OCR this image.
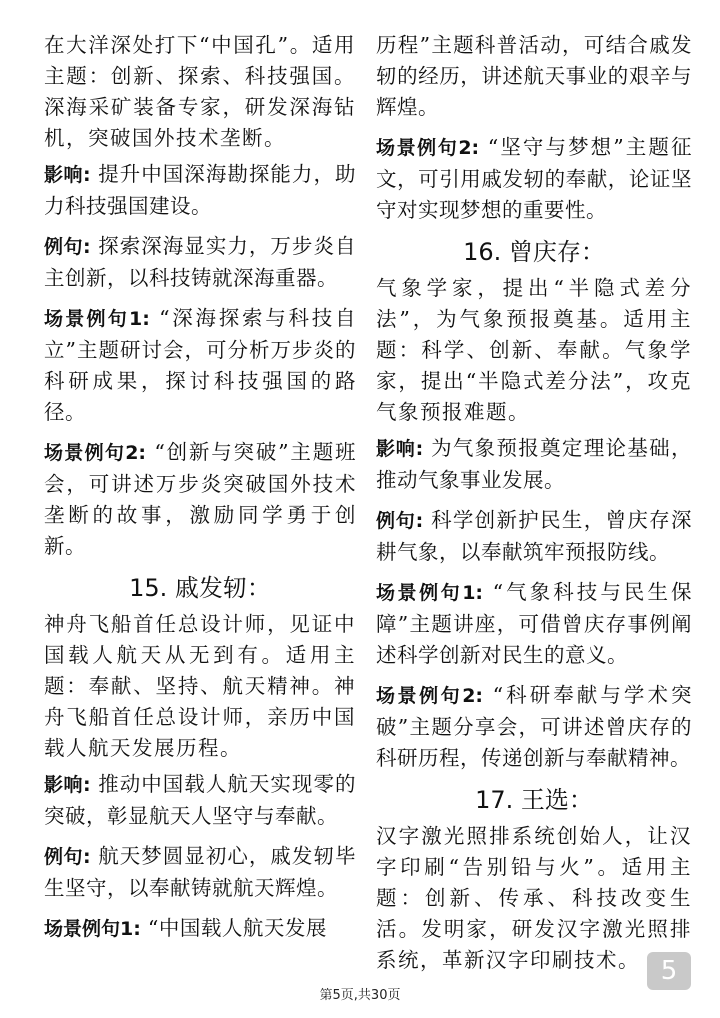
在大洋深处打下“中国孔”。适用主题：创新、探索、科技强国。深海采矿装备专家，研发深海钻机，突破国外技术垄断。

影响: 提升中国深海勘探能力，助力科技强国建设。

例句: 探索深海显实力，万步炎自主创新，以科技铸就深海重器。

场景例句1: “深海探索与科技自立”主题研讨会，可分析万步炎的科研成果，探讨科技强国的路径。

场景例句2: “创新与突破”主题班会，可讲述万步炎突破国外技术垄断的故事，激励同学勇于创新。

15. 戚发轫：

神舟飞船首任总设计师，见证中国载人航天从无到有。适用主题：奉献、坚持、航天精神。神舟飞船首任总设计师，亲历中国载人航天发展历程。

影响: 推动中国载人航天实现零的突破，彰显航天人坚守与奉献。

例句: 航天梦圆显初心，戚发轫毕生坚守，以奉献铸就航天辉煌。

场景例句1: “中国载人航天发展

历程”主题科普活动，可结合戚发轫的经历，讲述航天事业的艰辛与辉煌。

场景例句2: “坚守与梦想”主题征文，可引用戚发轫的奉献，论证坚守对实现梦想的重要性。

16. 曾庆存：

气象学家，提出“半隐式差分法”，为气象预报奠基。适用主题：科学、创新、奉献。气象学家，提出“半隐式差分法”，攻克气象预报难题。

影响: 为气象预报奠定理论基础，推动气象事业发展。

例句: 科学创新护民生，曾庆存深耕气象，以奉献筑牢预报防线。

场景例句1: “气象科技与民生保障”主题讲座，可借曾庆存事例阐述科学创新对民生的意义。

场景例句2: “科研奉献与学术突破”主题分享会，可讲述曾庆存的科研历程，传递创新与奉献精神。

17. 王选：

汉字激光照排系统创始人，让汉字印刷“告别铅与火”。适用主题：创新、传承、科技改变生活。发明家，研发汉字激光照排系统，革新汉字印刷技术。 5
第5页,共30页
